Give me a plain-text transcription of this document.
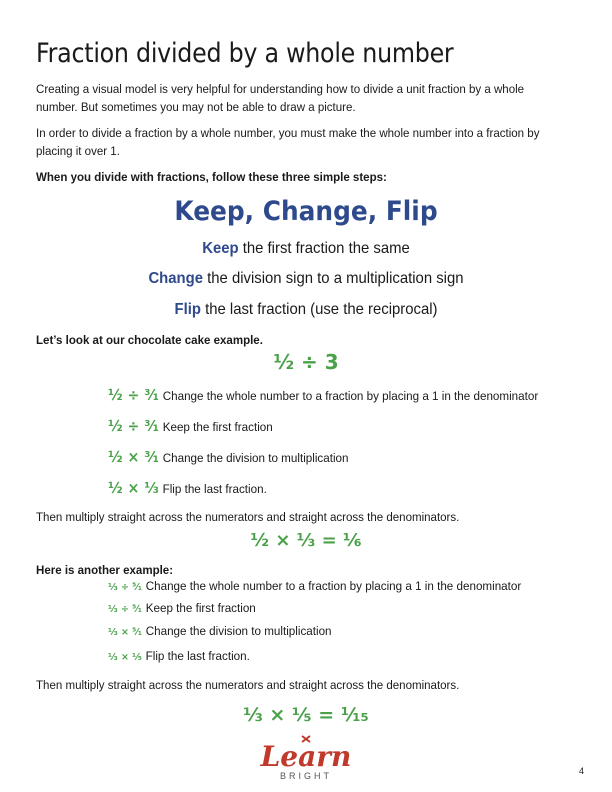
Fraction divided by a whole number
Creating a visual model is very helpful for understanding how to divide a unit fraction by a whole number. But sometimes you may not be able to draw a picture.
In order to divide a fraction by a whole number, you must make the whole number into a fraction by placing it over 1.
When you divide with fractions, follow these three simple steps:
Keep, Change, Flip
Keep the first fraction the same
Change the division sign to a multiplication sign
Flip the last fraction (use the reciprocal)
Let’s look at our chocolate cake example.
½ ÷ 3
½ ÷ ³⁄₁ Change the whole number to a fraction by placing a 1 in the denominator
½ ÷ ³⁄₁ Keep the first fraction
½ × ³⁄₁ Change the division to multiplication
½ × ⅓ Flip the last fraction.
Then multiply straight across the numerators and straight across the denominators.
½ × ⅓ = ⅙
Here is another example:
⅓ ÷ ⁵⁄₁ Change the whole number to a fraction by placing a 1 in the denominator
⅓ ÷ ⁵⁄₁ Keep the first fraction
⅓ × ⁵⁄₁ Change the division to multiplication
⅓ × ⅕ Flip the last fraction.
Then multiply straight across the numerators and straight across the denominators.
⅓ × ⅕ = ¹⁄₁₅
Learn
BRIGHT	4
